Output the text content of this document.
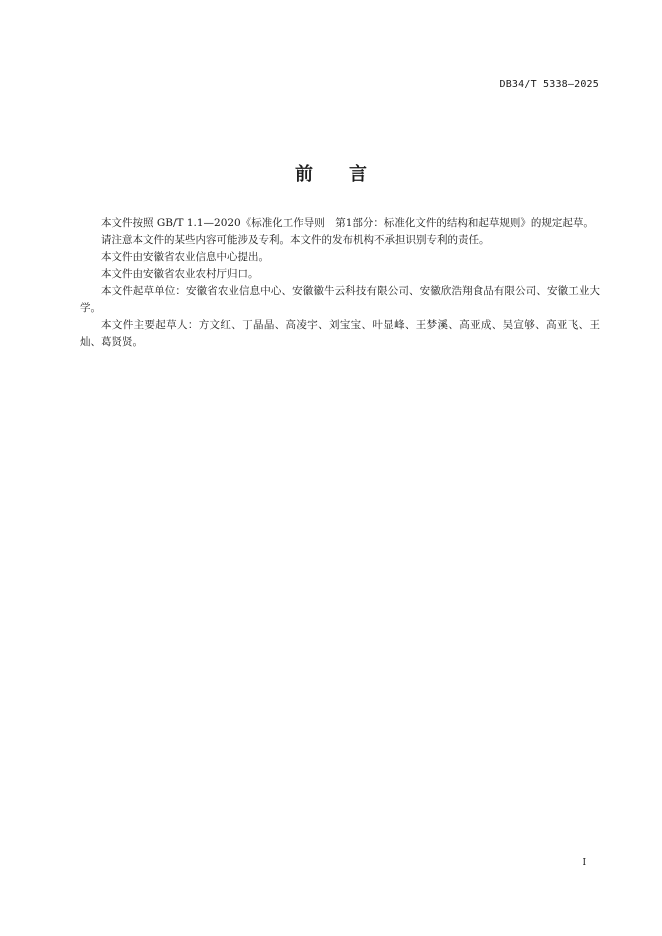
DB34/T 5338—2025
前 言

本文件按照 GB/T 1.1—2020《标准化工作导则　第1部分：标准化文件的结构和起草规则》的规定起草。

请注意本文件的某些内容可能涉及专利。本文件的发布机构不承担识别专利的责任。

本文件由安徽省农业信息中心提出。

本文件由安徽省农业农村厅归口。

本文件起草单位：安徽省农业信息中心、安徽徽牛云科技有限公司、安徽欣浩翔食品有限公司、安徽工业大学。

本文件主要起草人：方文红、丁晶晶、高凌宇、刘宝宝、叶显峰、王梦溪、高亚成、吴宣够、高亚飞、王灿、葛贤贤。

I
